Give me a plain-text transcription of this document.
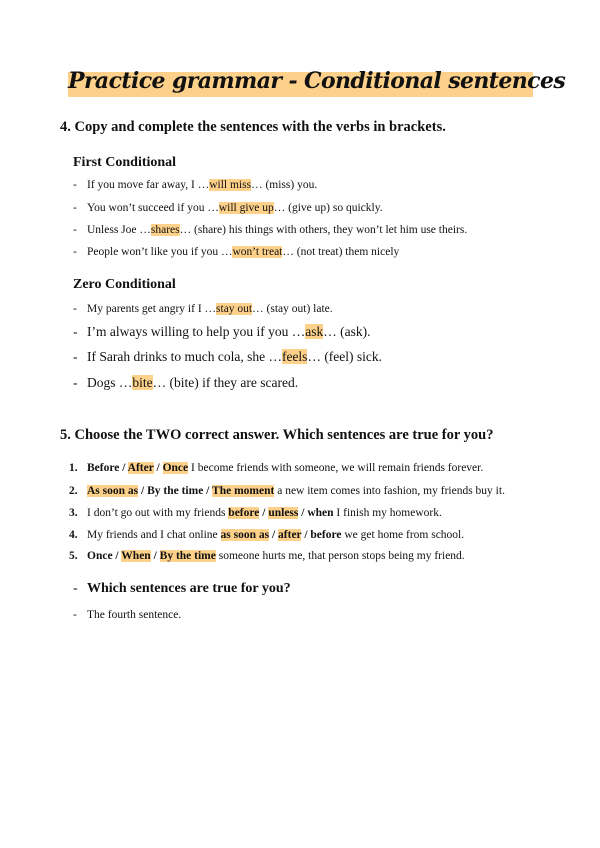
Practice grammar - Conditional sentences
4. Copy and complete the sentences with the verbs in brackets.
First Conditional
- If you move far away, I …will miss… (miss) you.
- You won’t succeed if you …will give up… (give up) so quickly.
- Unless Joe …shares… (share) his things with others, they won’t let him use theirs.
- People won’t like you if you …won’t treat… (not treat) them nicely
Zero Conditional
- My parents get angry if I …stay out… (stay out) late.
- I’m always willing to help you if you …ask… (ask).
- If Sarah drinks to much cola, she …feels… (feel) sick.
- Dogs …bite… (bite) if they are scared.
5. Choose the TWO correct answer. Which sentences are true for you?
1. Before / After / Once I become friends with someone, we will remain friends forever.
2. As soon as / By the time / The moment a new item comes into fashion, my friends buy it.
3. I don’t go out with my friends before / unless / when I finish my homework.
4. My friends and I chat online as soon as / after / before we get home from school.
5. Once / When / By the time someone hurts me, that person stops being my friend.
- Which sentences are true for you?
- The fourth sentence.
